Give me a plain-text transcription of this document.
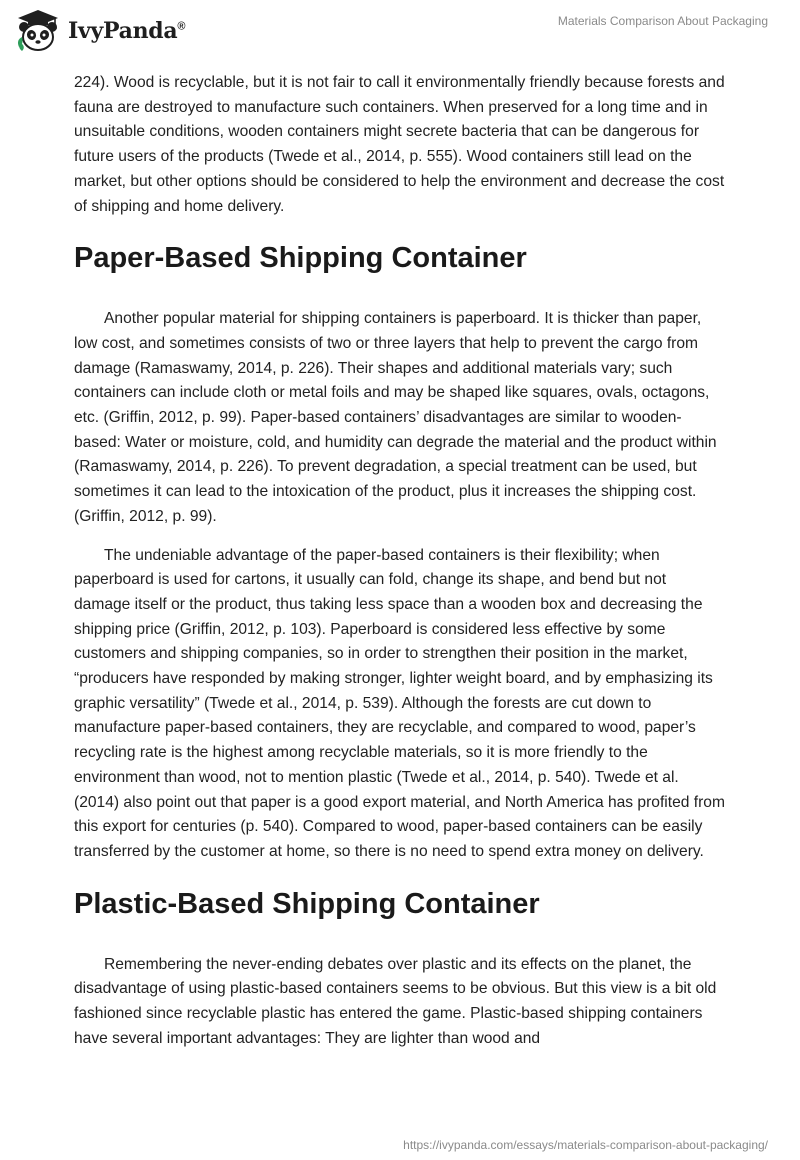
IvyPanda®	Materials Comparison About Packaging

224). Wood is recyclable, but it is not fair to call it environmentally friendly because forests and fauna are destroyed to manufacture such containers. When preserved for a long time and in unsuitable conditions, wooden containers might secrete bacteria that can be dangerous for future users of the products (Twede et al., 2014, p. 555). Wood containers still lead on the market, but other options should be considered to help the environment and decrease the cost of shipping and home delivery.

Paper-Based Shipping Container

Another popular material for shipping containers is paperboard. It is thicker than paper, low cost, and sometimes consists of two or three layers that help to prevent the cargo from damage (Ramaswamy, 2014, p. 226). Their shapes and additional materials vary; such containers can include cloth or metal foils and may be shaped like squares, ovals, octagons, etc. (Griffin, 2012, p. 99). Paper-based containers’ disadvantages are similar to wooden-based: Water or moisture, cold, and humidity can degrade the material and the product within (Ramaswamy, 2014, p. 226). To prevent degradation, a special treatment can be used, but sometimes it can lead to the intoxication of the product, plus it increases the shipping cost. (Griffin, 2012, p. 99).

The undeniable advantage of the paper-based containers is their flexibility; when paperboard is used for cartons, it usually can fold, change its shape, and bend but not damage itself or the product, thus taking less space than a wooden box and decreasing the shipping price (Griffin, 2012, p. 103). Paperboard is considered less effective by some customers and shipping companies, so in order to strengthen their position in the market, “producers have responded by making stronger, lighter weight board, and by emphasizing its graphic versatility” (Twede et al., 2014, p. 539). Although the forests are cut down to manufacture paper-based containers, they are recyclable, and compared to wood, paper’s recycling rate is the highest among recyclable materials, so it is more friendly to the environment than wood, not to mention plastic (Twede et al., 2014, p. 540). Twede et al. (2014) also point out that paper is a good export material, and North America has profited from this export for centuries (p. 540). Compared to wood, paper-based containers can be easily transferred by the customer at home, so there is no need to spend extra money on delivery.

Plastic-Based Shipping Container

Remembering the never-ending debates over plastic and its effects on the planet, the disadvantage of using plastic-based containers seems to be obvious. But this view is a bit old fashioned since recyclable plastic has entered the game. Plastic-based shipping containers have several important advantages: They are lighter than wood and

https://ivypanda.com/essays/materials-comparison-about-packaging/
